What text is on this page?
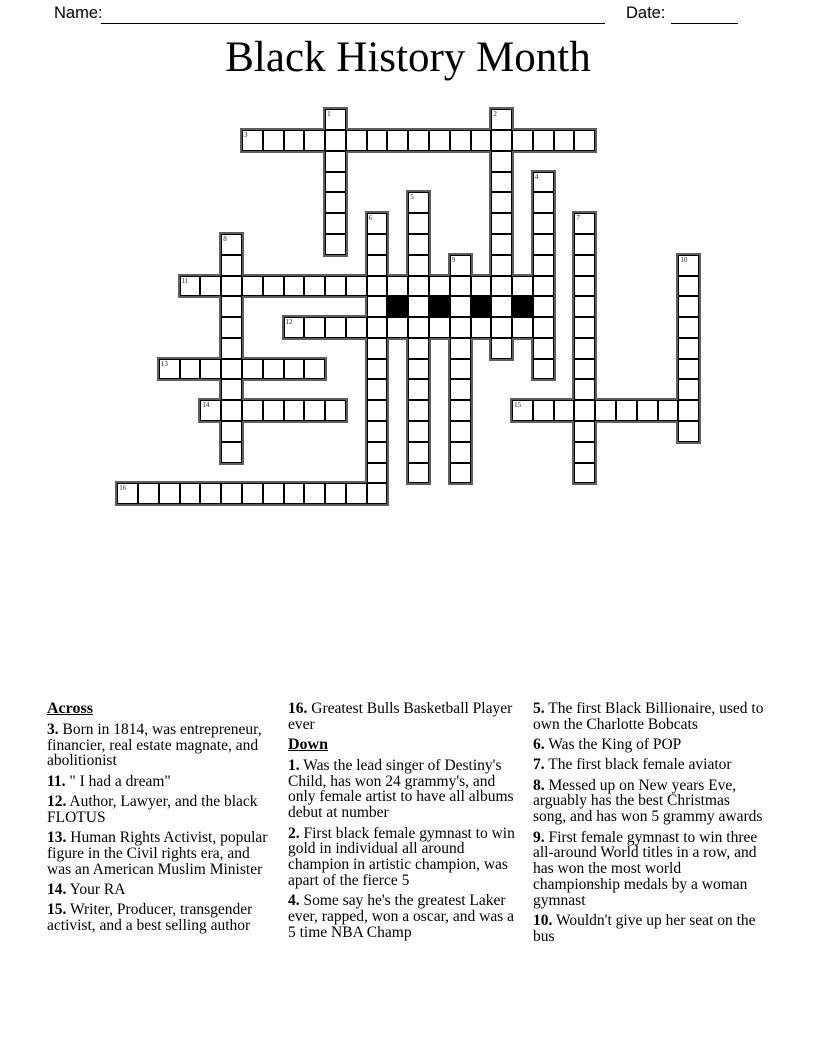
Name:	Date:
Black History Month
1	2
3
4
5
6	7
8
9	10
11
12
13
14	15
16
Across

3. Born in 1814, was entrepreneur, financier, real estate magnate, and abolitionist

11. " I had a dream"

12. Author, Lawyer, and the black FLOTUS

13. Human Rights Activist, popular figure in the Civil rights era, and was an American Muslim Minister

14. Your RA

15. Writer, Producer, transgender activist, and a best selling author

16. Greatest Bulls Basketball Player ever

Down

1. Was the lead singer of Destiny's Child, has won 24 grammy's, and only female artist to have all albums debut at number

2. First black female gymnast to win gold in individual all around champion in artistic champion, was apart of the fierce 5

4. Some say he's the greatest Laker ever, rapped, won a oscar, and was a 5 time NBA Champ

5. The first Black Billionaire, used to own the Charlotte Bobcats

6. Was the King of POP

7. The first black female aviator

8. Messed up on New years Eve, arguably has the best Christmas song, and has won 5 grammy awards

9. First female gymnast to win three all-around World titles in a row, and has won the most world championship medals by a woman gymnast

10. Wouldn't give up her seat on the bus
